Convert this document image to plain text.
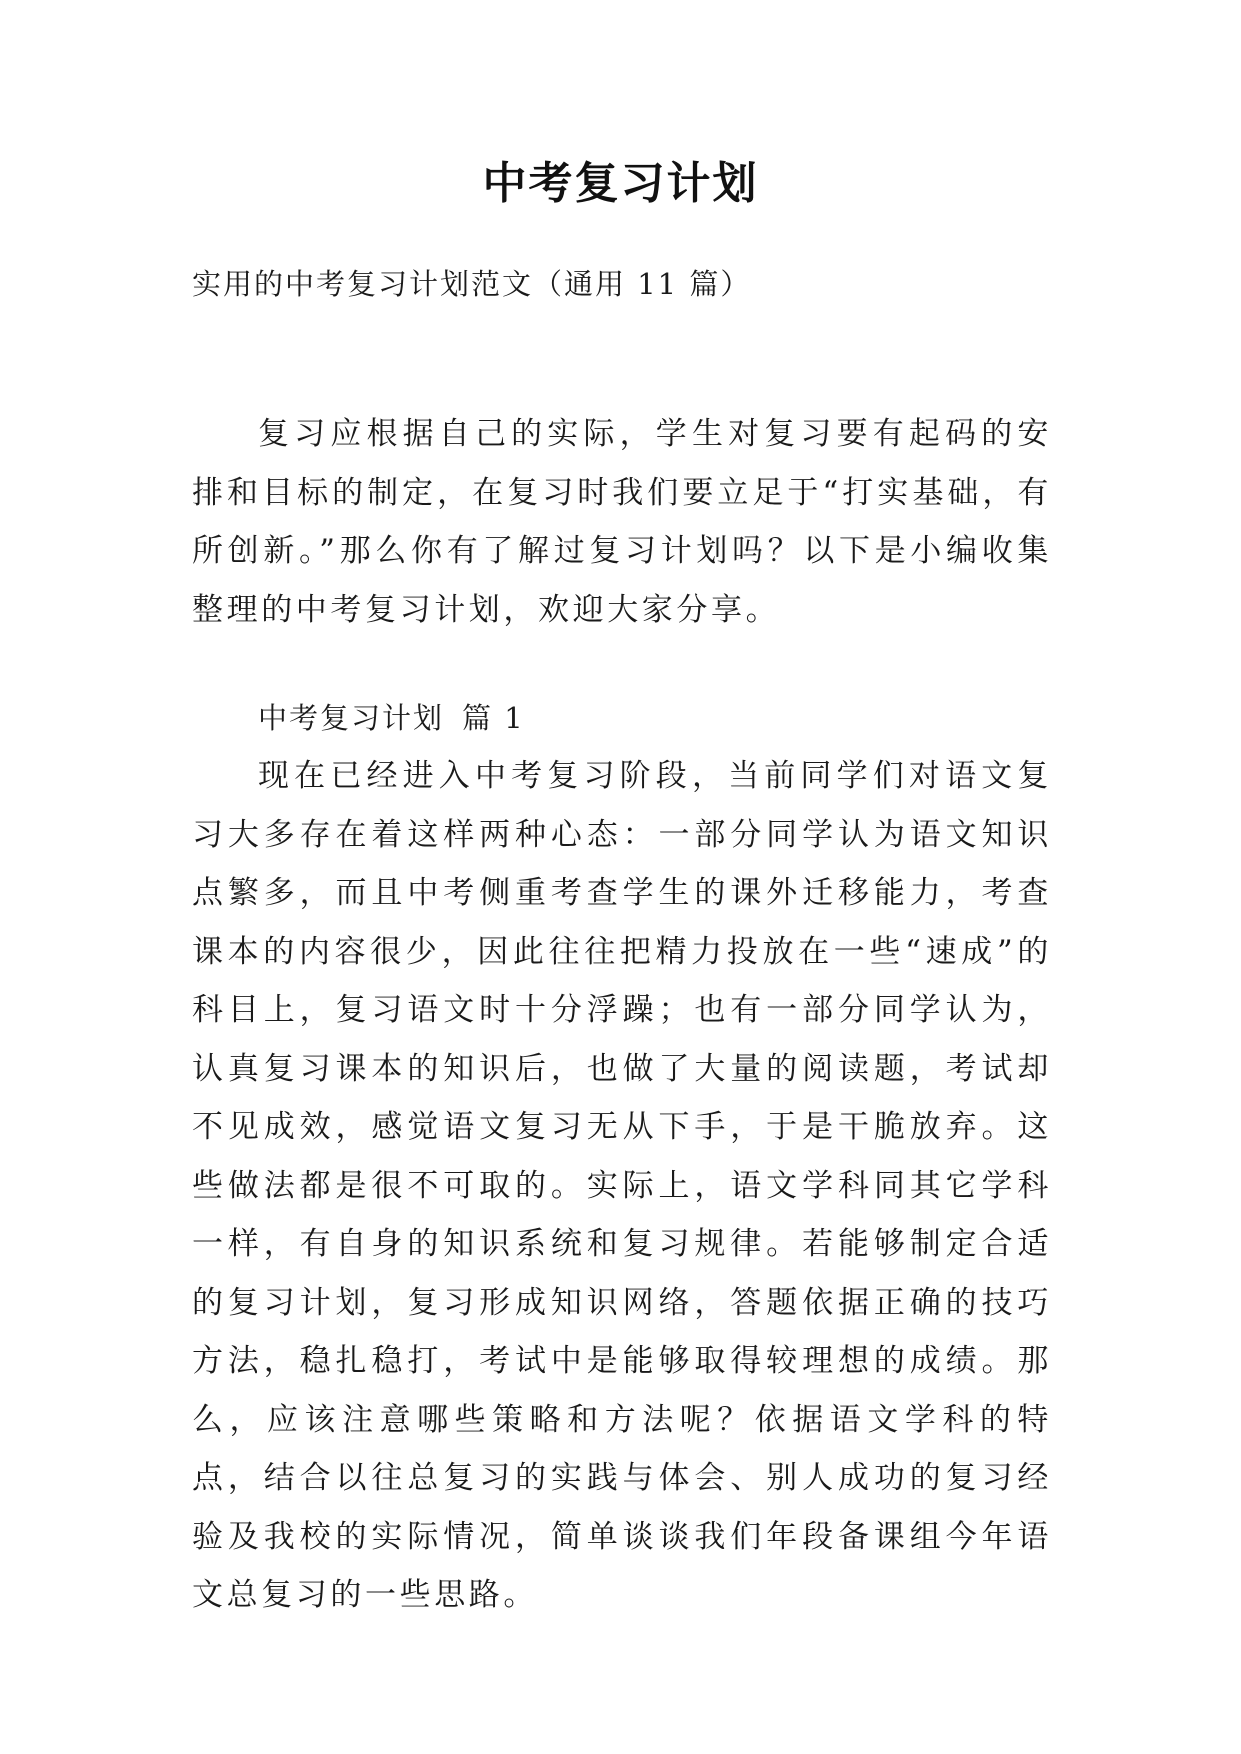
中考复习计划

实用的中考复习计划范文（通用 11 篇）

复习应根据自己的实际，学生对复习要有起码的安排和目标的制定，在复习时我们要立足于“打实基础，有所创新。”那么你有了解过复习计划吗？以下是小编收集整理的中考复习计划，欢迎大家分享。

中考复习计划 篇 1

现在已经进入中考复习阶段，当前同学们对语文复习大多存在着这样两种心态：一部分同学认为语文知识点繁多，而且中考侧重考查学生的课外迁移能力，考查课本的内容很少，因此往往把精力投放在一些“速成”的科目上，复习语文时十分浮躁；也有一部分同学认为，认真复习课本的知识后，也做了大量的阅读题，考试却不见成效，感觉语文复习无从下手，于是干脆放弃。这些做法都是很不可取的。实际上，语文学科同其它学科一样，有自身的知识系统和复习规律。若能够制定合适的复习计划，复习形成知识网络，答题依据正确的技巧方法，稳扎稳打，考试中是能够取得较理想的成绩。那么，应该注意哪些策略和方法呢？依据语文学科的特点，结合以往总复习的实践与体会、别人成功的复习经验及我校的实际情况，简单谈谈我们年段备课组今年语文总复习的一些思路。
